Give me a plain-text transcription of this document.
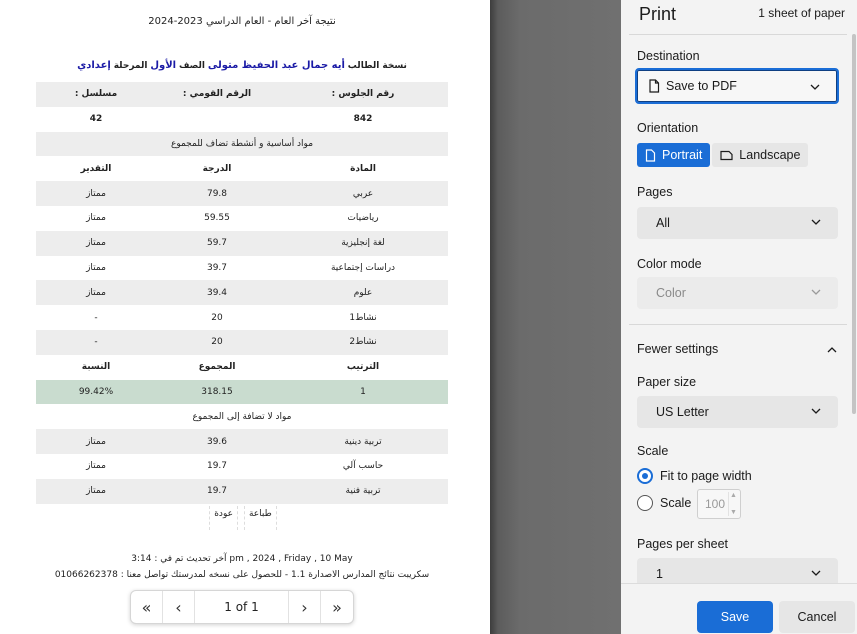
نتيجة آخر العام - العام الدراسي 2023-2024
نسخة الطالب أيه جمال عبد الحفيظ متولى الصف الأول المرحلة إعدادي
رقم الجلوس :	الرقم القومي :	مسلسل :
842		42
مواد أساسية و أنشطة تضاف للمجموع		
المادة	الدرجة	التقدير
عربي	79.8	ممتاز
رياضيات	59.55	ممتاز
لغة إنجليزية	59.7	ممتاز
دراسات إجتماعية	39.7	ممتاز
علوم	39.4	ممتاز
نشاط1	20	-
نشاط2	20	-
الترتيب	المجموع	النسبة
1	318.15	99.42%
مواد لا تضافة إلى المجموع		
تربية دينية	39.6	ممتاز
حاسب آلي	19.7	ممتاز
تربية فنية	19.7	ممتاز
طباعة
عودة
آخر تحديث تم في : 3:14 pm , 2024 , Friday , 10 May
سكريبت نتائج المدارس الاصدارة 1.1 - للحصول على نسخه لمدرستك تواصل معنا : 01066262378
«	‹	1 of 1	›	»
Print	1 sheet of paper
Destination
Save to PDF
Orientation
Portrait	Landscape
Pages
All
Color mode
Color
Fewer settings
Paper size
US Letter
Scale
Fit to page width
Scale 100
▲
▼
Pages per sheet
1
Save	Cancel
